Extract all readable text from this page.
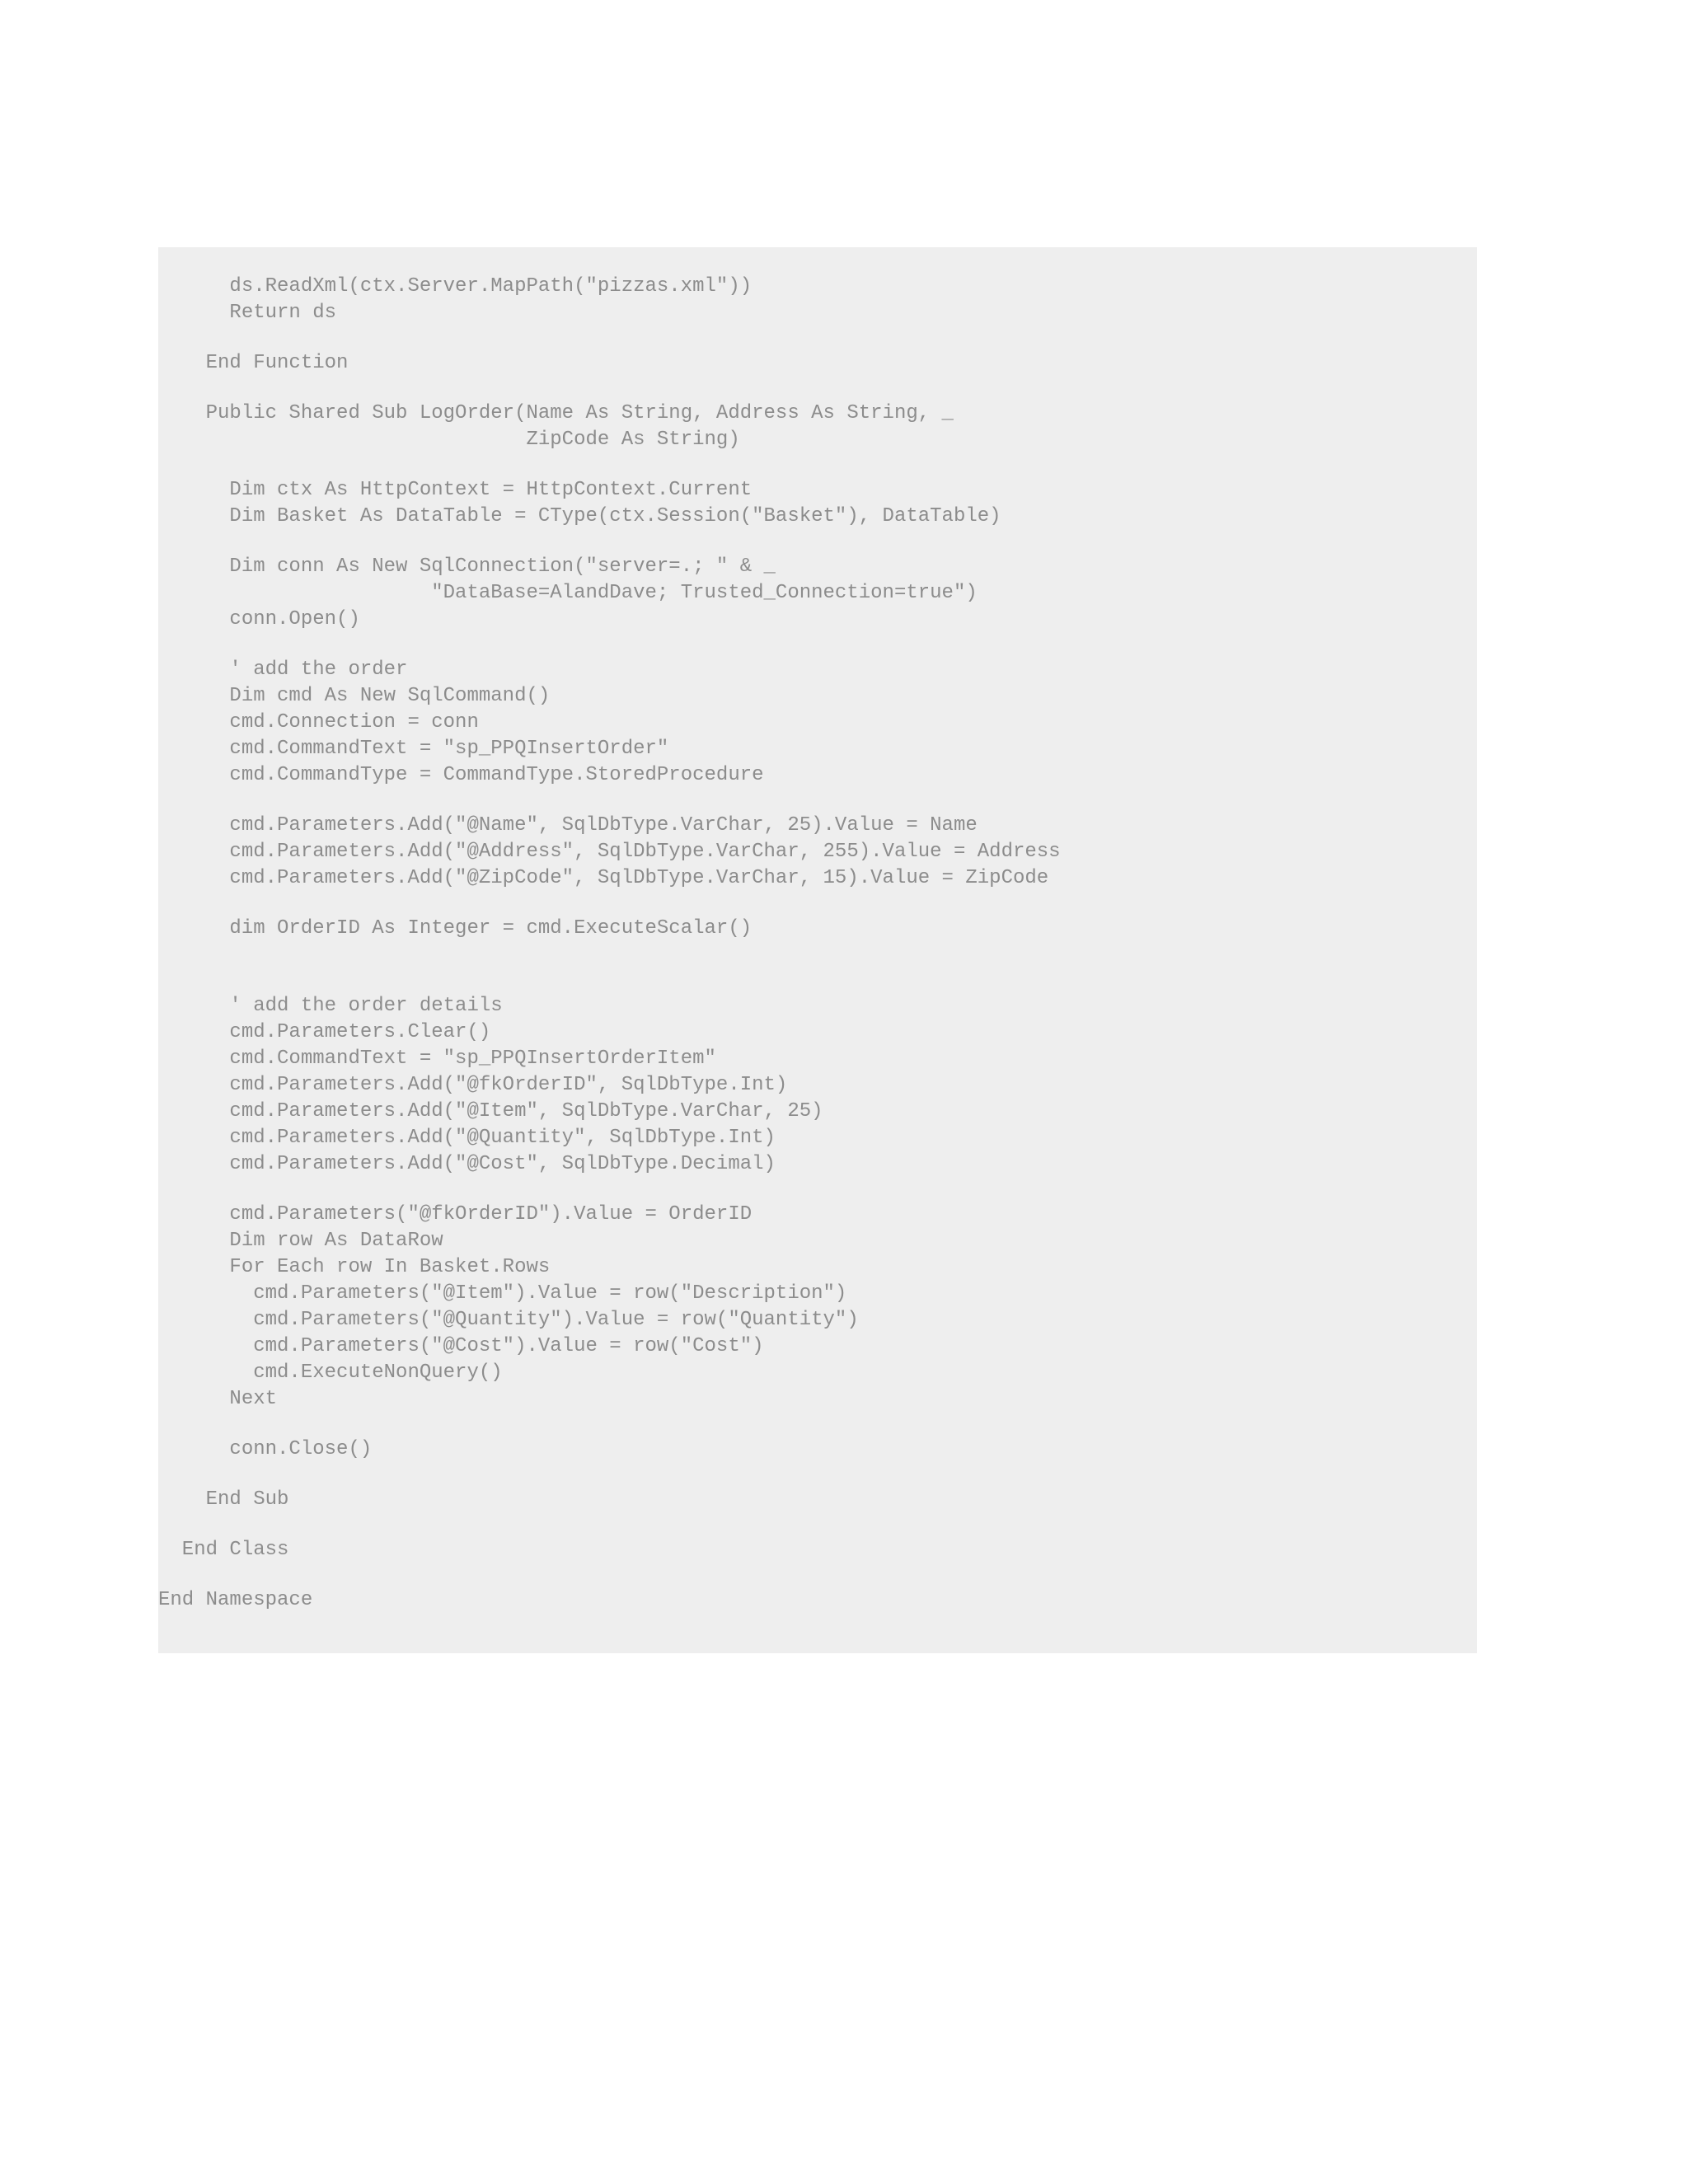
ds.ReadXml(ctx.Server.MapPath("pizzas.xml"))
Return ds
End Function
Public Shared Sub LogOrder(Name As String, Address As String, _
ZipCode As String)
Dim ctx As HttpContext = HttpContext.Current
Dim Basket As DataTable = CType(ctx.Session("Basket"), DataTable)
Dim conn As New SqlConnection("server=.; " & _
"DataBase=AlandDave; Trusted_Connection=true")
conn.Open()
' add the order
Dim cmd As New SqlCommand()
cmd.Connection = conn
cmd.CommandText = "sp_PPQInsertOrder"
cmd.CommandType = CommandType.StoredProcedure
cmd.Parameters.Add("@Name", SqlDbType.VarChar, 25).Value = Name
cmd.Parameters.Add("@Address", SqlDbType.VarChar, 255).Value = Address
cmd.Parameters.Add("@ZipCode", SqlDbType.VarChar, 15).Value = ZipCode
dim OrderID As Integer = cmd.ExecuteScalar()
' add the order details
cmd.Parameters.Clear()
cmd.CommandText = "sp_PPQInsertOrderItem"
cmd.Parameters.Add("@fkOrderID", SqlDbType.Int)
cmd.Parameters.Add("@Item", SqlDbType.VarChar, 25)
cmd.Parameters.Add("@Quantity", SqlDbType.Int)
cmd.Parameters.Add("@Cost", SqlDbType.Decimal)
cmd.Parameters("@fkOrderID").Value = OrderID
Dim row As DataRow
For Each row In Basket.Rows
cmd.Parameters("@Item").Value = row("Description")
cmd.Parameters("@Quantity").Value = row("Quantity")
cmd.Parameters("@Cost").Value = row("Cost")
cmd.ExecuteNonQuery()
Next
conn.Close()
End Sub
End Class
End Namespace
